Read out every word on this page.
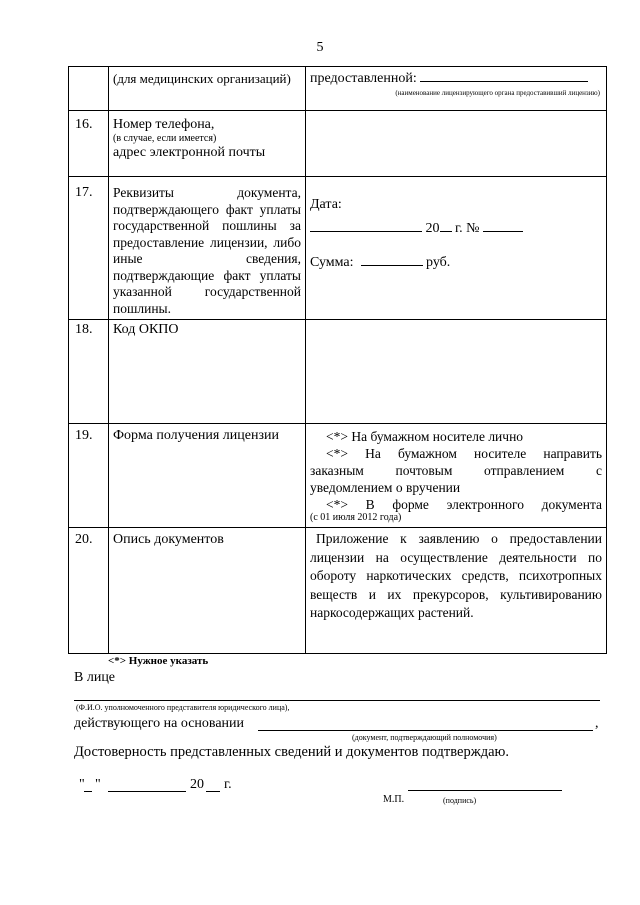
5
	(для медицинских организаций)	предоставленной:
(наименование лицензирующего органа предоставивший лицензию)

16.	Номер телефона,
(в случае, если имеется)
адрес электронной почты	

17.	Реквизиты документа, подтверждающего факт уплаты государственной пошлины за предоставление лицензии, либо иные сведения, подтверждающие факт уплаты указанной государственной пошлины.	Дата:
20 г. №
Сумма: руб.

18.	Код ОКПО	
19.	Форма получения лицензии	<*> На бумажном носителе лично
<*> На бумажном носителе направить заказным почтовым отправлением с уведомлением о вручении
<*> В форме электронного документа
(с 01 июля 2012 года)

20.	Опись документов	Приложение к заявлению о предоставлении лицензии на осуществление деятельности по обороту наркотических средств, психотропных веществ и их прекурсоров, культивированию наркосодержащих растений.
<*> Нужное указать
В лице
(Ф.И.О. уполномоченного представителя юридического лица),
действующего на основании	,
(документ, подтверждающий полномочия)
Достоверность представленных сведений и документов подтверждаю.
" "	20 г.
М.П.	(подпись)
